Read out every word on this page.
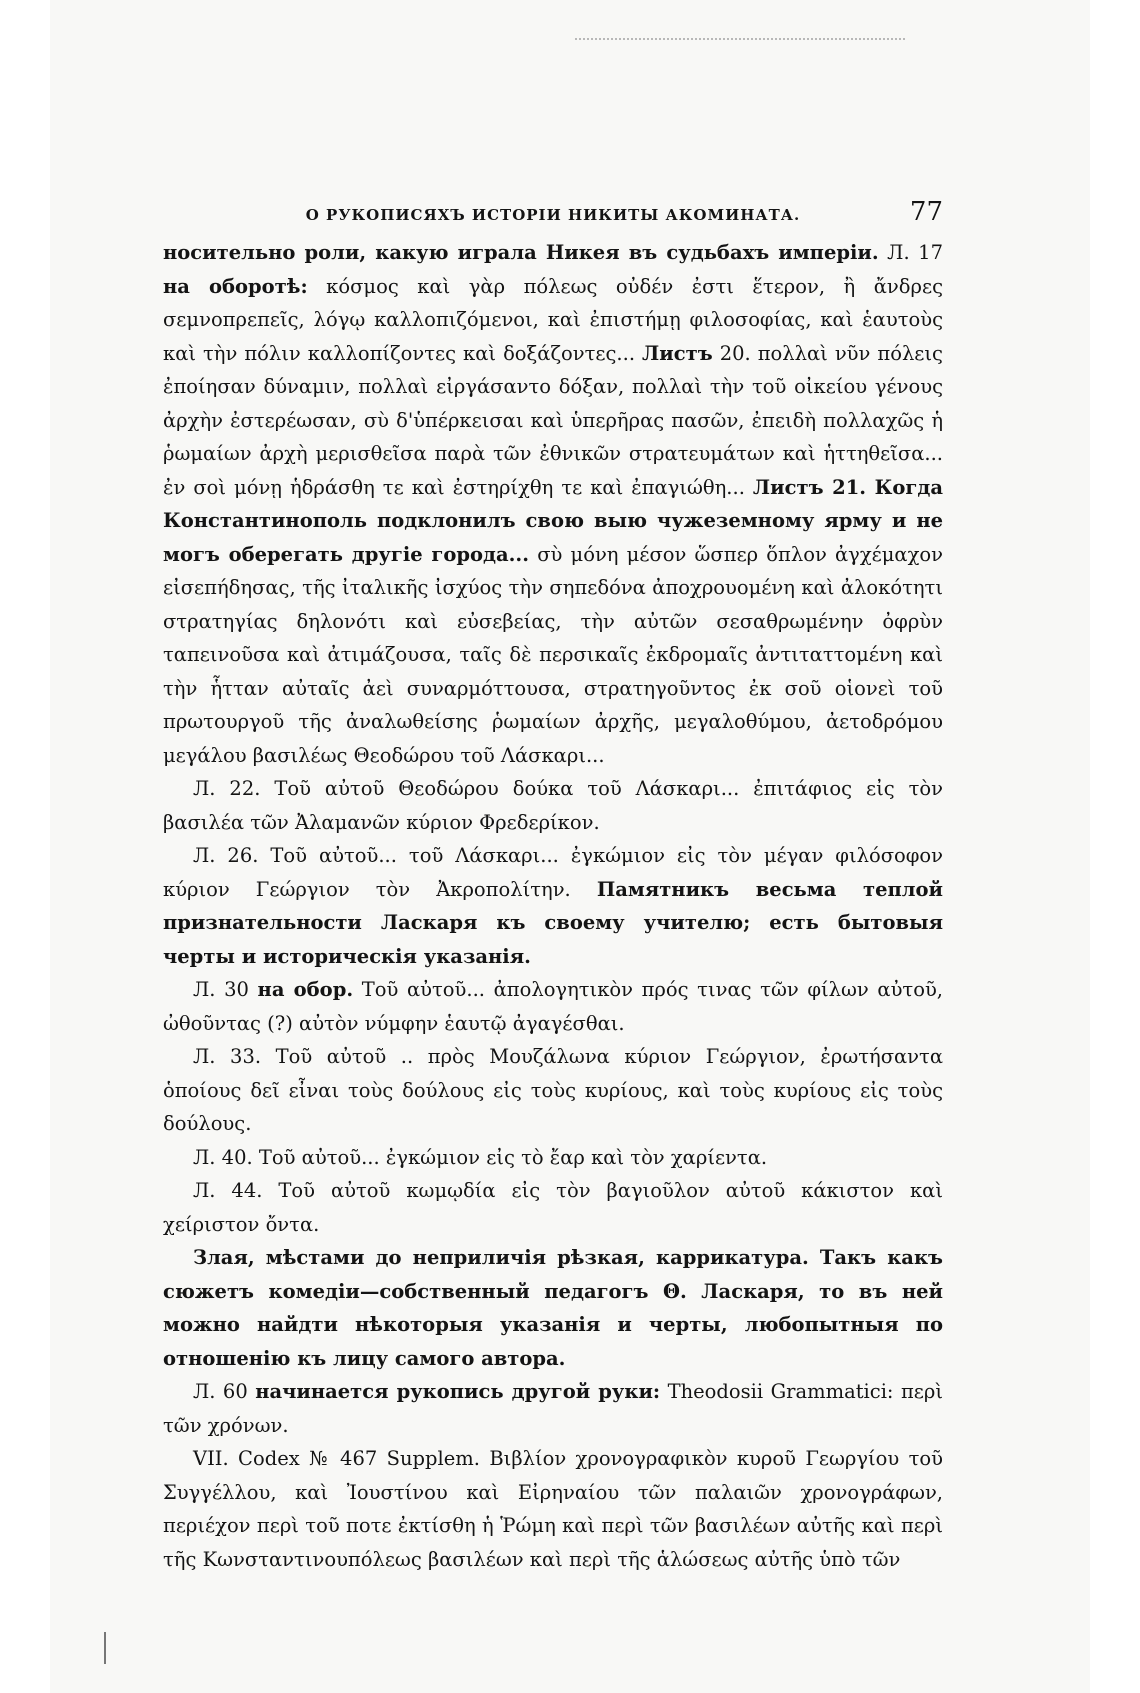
О РУКОПИСЯХЪ ИСТОРІИ НИКИТЫ АКОМИНАТА.	77

носительно роли, какую играла Никея въ судьбахъ имперіи. Л. 17 на оборотѣ: κόσμος καὶ γὰρ πόλεως οὐδέν ἐστι ἕτερον, ἢ ἄνδρες σεμνοπρεπεῖς, λόγῳ καλλοπιζόμενοι, καὶ ἐπιστήμῃ φιλοσοφίας, καὶ ἑαυτοὺς καὶ τὴν πόλιν καλλοπίζοντες καὶ δοξάζοντες... Листъ 20. πολλαὶ νῦν πόλεις ἐποίησαν δύναμιν, πολλαὶ εἰργάσαντο δόξαν, πολλαὶ τὴν τοῦ οἰκείου γένους ἀρχὴν ἐστερέωσαν, σὺ δ'ὑπέρκεισαι καὶ ὑπερῆρας πασῶν, ἐπειδὴ πολλαχῶς ἡ ῥωμαίων ἀρχὴ μερισθεῖσα παρὰ τῶν ἐθνικῶν στρατευμάτων καὶ ἡττηθεῖσα... ἐν σοὶ μόνῃ ἡδράσθη τε καὶ ἐστηρίχθη τε καὶ ἐπαγιώθη... Листъ 21. Когда Константинополь подклонилъ свою выю чужеземному ярму и не могъ оберегать другіе города... σὺ μόνη μέσον ὥσπερ ὅπλον ἀγχέμαχον εἰσεπήδησας, τῆς ἰταλικῆς ἰσχύος τὴν σηπεδόνα ἀποχρουομένη καὶ ἀλοκότητι στρατηγίας δηλονότι καὶ εὐσεβείας, τὴν αὐτῶν σεσαθρωμένην ὀφρὺν ταπεινοῦσα καὶ ἀτιμάζουσα, ταῖς δὲ περσικαῖς ἐκδρομαῖς ἀντιταττομένη καὶ τὴν ἧτταν αὐταῖς ἀεὶ συναρμόττουσα, στρατηγοῦντος ἐκ σοῦ οἱονεὶ τοῦ πρωτουργοῦ τῆς ἀναλωθείσης ῥωμαίων ἀρχῆς, μεγαλοθύμου, ἀετοδρόμου μεγάλου βασιλέως Θεοδώρου τοῦ Λάσκαρι...

Л. 22. Τοῦ αὐτοῦ Θεοδώρου δούκα τοῦ Λάσκαρι... ἐπιτάφιος εἰς τὸν βασιλέα τῶν Ἀλαμανῶν κύριον Φρεδερίκον.

Л. 26. Τοῦ αὐτοῦ... τοῦ Λάσκαρι... ἐγκώμιον εἰς τὸν μέγαν φιλόσοφον κύριον Γεώργιον τὸν Ἀκροπολίτην. Памятникъ весьма теплой признательности Ласкаря къ своему учителю; есть бытовыя черты и историческія указанія.

Л. 30 на обор. Τοῦ αὐτοῦ... ἀπολογητικὸν πρός τινας τῶν φίλων αὐτοῦ, ὠθοῦντας (?) αὐτὸν νύμφην ἑαυτῷ ἀγαγέσθαι.

Л. 33. Τοῦ αὐτοῦ .. πρὸς Μουζάλωνα κύριον Γεώργιον, ἐρωτήσαντα ὁποίους δεῖ εἶναι τοὺς δούλους εἰς τοὺς κυρίους, καὶ τοὺς κυρίους εἰς τοὺς δούλους.

Л. 40. Τοῦ αὐτοῦ... ἐγκώμιον εἰς τὸ ἔαρ καὶ τὸν χαρίεντα.

Л. 44. Τοῦ αὐτοῦ κωμῳδία εἰς τὸν βαγιοῦλον αὐτοῦ κάκιστον καὶ χείριστον ὄντα.

Злая, мѣстами до неприличія рѣзкая, каррикатура. Такъ какъ сюжетъ комедіи—собственный педагогъ Θ. Ласкаря, то въ ней можно найдти нѣкоторыя указанія и черты, любопытныя по отношенію къ лицу самого автора.

Л. 60 начинается рукопись другой руки: Theodosii Grammatici: περὶ τῶν χρόνων.

VII. Codex № 467 Supplem. Βιβλίον χρονογραφικὸν κυροῦ Γεωργίου τοῦ Συγγέλλου, καὶ Ἰουστίνου καὶ Εἰρηναίου τῶν παλαιῶν χρονογράφων, περιέχον περὶ τοῦ ποτε ἐκτίσθη ἡ Ῥώμη καὶ περὶ τῶν βασιλέων αὐτῆς καὶ περὶ τῆς Κωνσταντινουπόλεως βασιλέων καὶ περὶ τῆς ἁλώσεως αὐτῆς ὑπὸ τῶν
